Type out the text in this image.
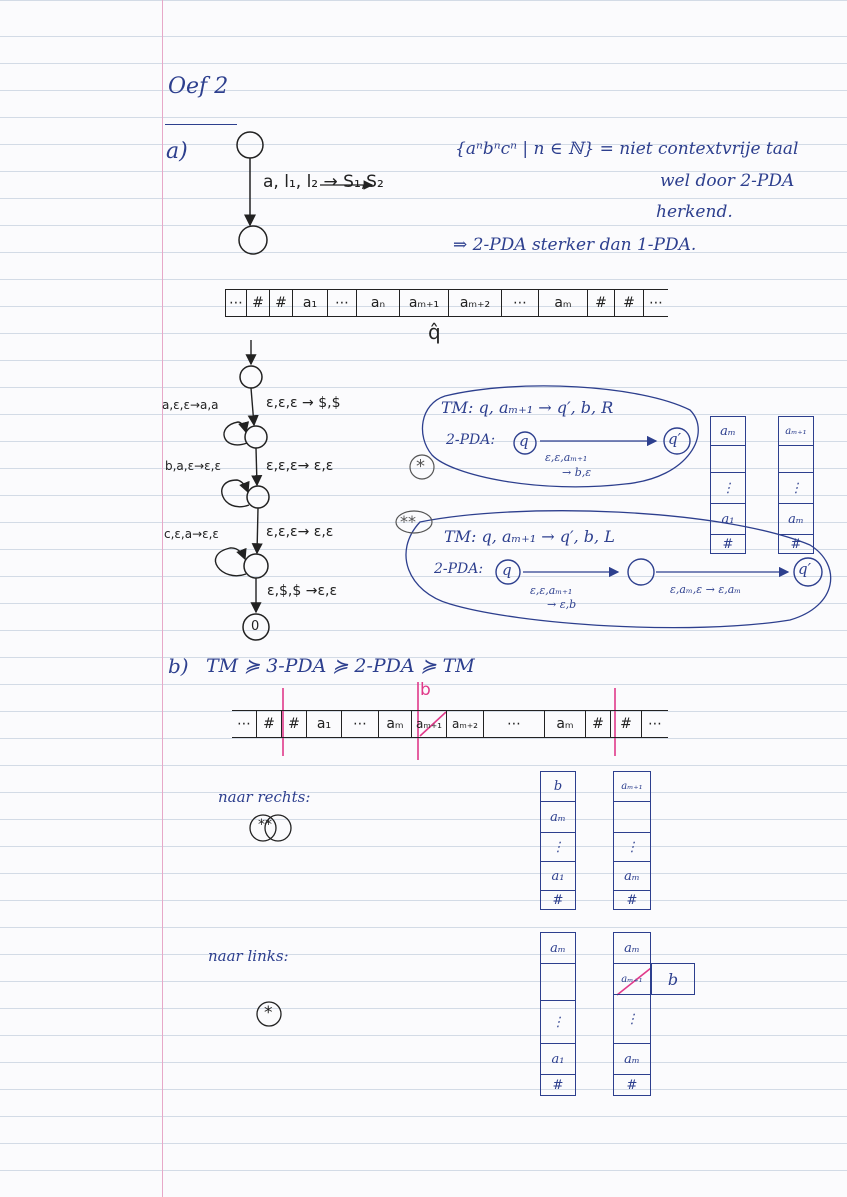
Oef 2
a)
a, l₁, l₂ → S₁,S₂
{aⁿbⁿcⁿ | n ∈ ℕ} = niet contextvrije taal
wel door 2-PDA
herkend.
⇒ 2-PDA sterker dan 1-PDA.
⋯ # #	a₁	⋯	aₙ	aₘ₊₁	aₘ₊₂	⋯	aₘ	#	#	⋯
q̂
a,ε,ε→a,a	ε,ε,ε → $,$
b,a,ε→ε,ε	ε,ε,ε→ ε,ε
c,ε,a→ε,ε	ε,ε,ε→ ε,ε
ε,$,$ →ε,ε
0
TM: q, aₘ₊₁ → q′, b, R
2-PDA: q	q′
ε,ε,aₘ₊₁
→ b,ε
*
**
TM: q, aₘ₊₁ → q′, b, L
2-PDA: q	q′
ε,ε,aₘ₊₁
→ ε,b
ε,aₘ,ε → ε,aₘ
aₘ
⋮
a₁
#
aₘ₊₁
⋮
aₘ
#
b) TM ≽ 3-PDA ≽ 2-PDA ≽ TM
b
⋯ # #	a₁	⋯	aₘ	aₘ₊₁ aₘ₊₂	⋯	aₘ	#	#	⋯
naar rechts:
**
naar links:
*
b
aₘ
⋮
a₁
#
aₘ₊₁
⋮
aₘ
#
aₘ
⋮
a₁
#
aₘ
aₘ₊₁
⋮
aₘ
#
b
